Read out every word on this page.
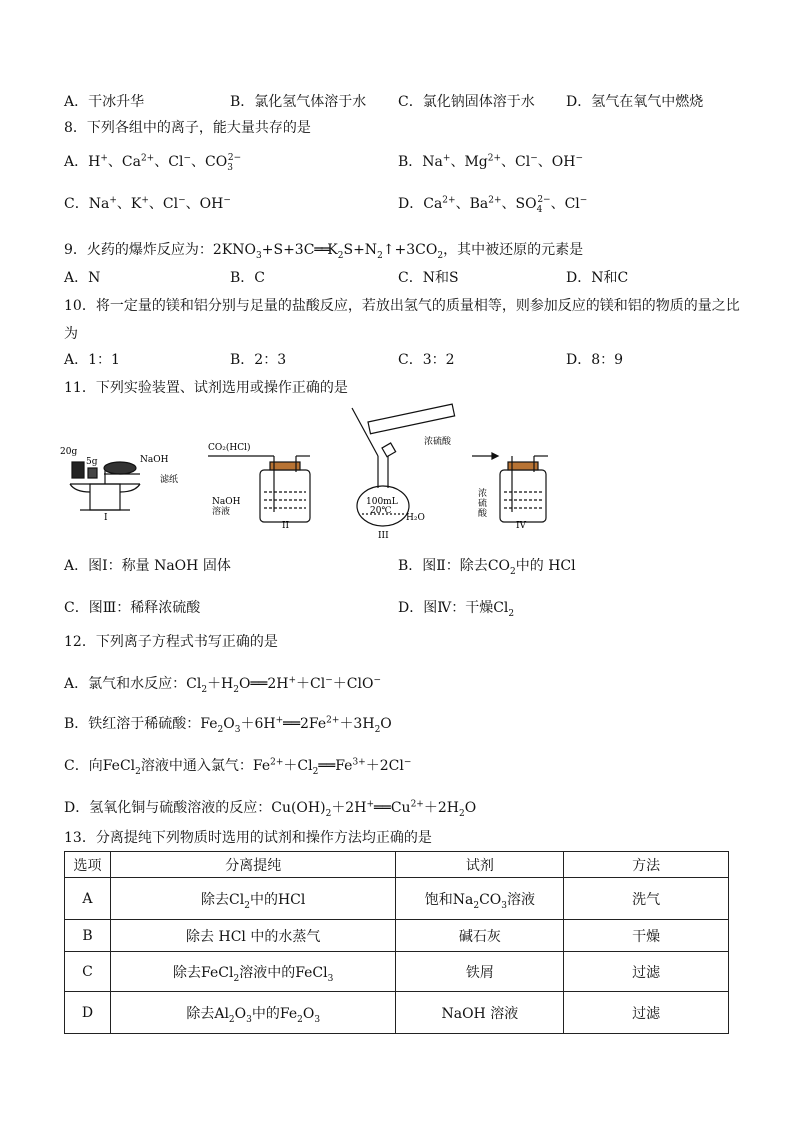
A．干冰升华	B．氯化氢气体溶于水 C．氯化钠固体溶于水 D．氢气在氧气中燃烧
8．下列各组中的离子，能大量共存的是
A．H+、$Ca^{2+}$、Cl−、$CO_3^{2-}$	B．Na+、$Mg^{2+}$、Cl−、OH−
C．Na+、K+、Cl−、OH−	D．$Ca^{2+}$、$Ba^{2+}$、$SO_4^{2-}$、Cl−
9．火药的爆炸反应为：$2KNO_3+S+3C══K_2S+N_2↑+3CO_2$，其中被还原的元素是
A．N	B．C	C．N和S	D．N和C
10．将一定量的镁和铝分别与足量的盐酸反应，若放出氢气的质量相等，则参加反应的镁和铝的物质的量之比
为
A．1：1	B．2：3	C．3：2	D．8：9
11．下列实验装置、试剂选用或操作正确的是
20g
5g	NaOH
滤纸
I
CO₂(HCl)
NaOH
溶液
II
浓硫酸
100mL
20℃
H₂O
III
浓
硫
酸
IV
A．图Ⅰ：称量 NaOH 固体	B．图Ⅱ：除去$CO_2$中的 HCl
C．图Ⅲ：稀释浓硫酸	D．图Ⅳ：干燥$Cl_2$
12．下列离子方程式书写正确的是
A．氯气和水反应：$Cl_2+H_2O══2H^++Cl^-+ClO^-$
B．铁红溶于稀硫酸：$Fe_2O_3+6H^+══2Fe^{2+}+3H_2O$
C．向FeCl$_2$溶液中通入氯气：$Fe^{2+}+Cl_2══Fe^{3+}+2Cl^-$
D．氢氧化铜与硫酸溶液的反应：$Cu(OH)_2+2H^+══Cu^{2+}+2H_2O$
13．分离提纯下列物质时选用的试剂和操作方法均正确的是
选项	分离提纯	试剂	方法
A	除去$Cl_2$中的HCl	饱和$Na_2CO_3$溶液	洗气
B	除去 HCl 中的水蒸气	碱石灰	干燥
C	除去FeCl$_2$溶液中的FeCl$_3$	铁屑	过滤
D	除去$Al_2O_3$中的$Fe_2O_3$	NaOH 溶液	过滤
